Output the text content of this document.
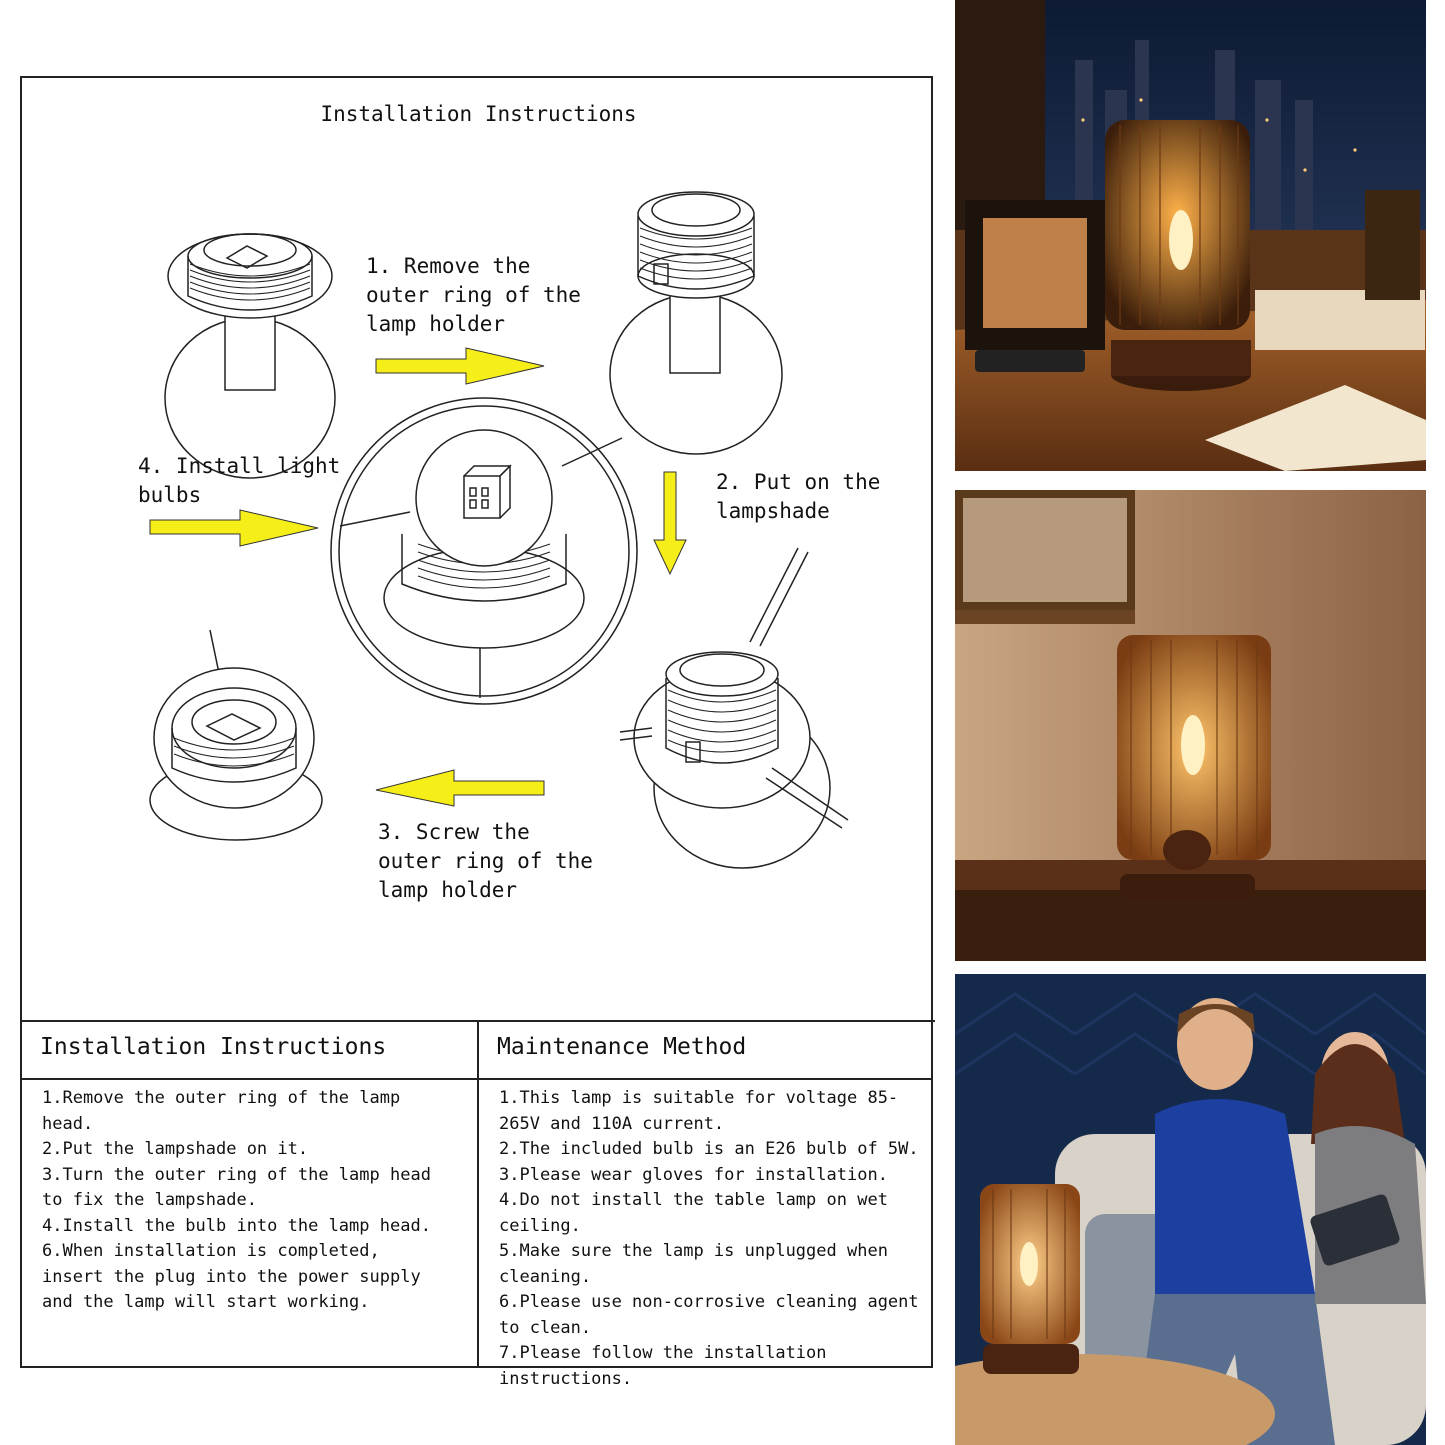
Installation Instructions
1. Remove the
outer ring of the
lamp holder
2. Put on the
lampshade
3. Screw the
outer ring of the
lamp holder
4. Install light
bulbs
Installation Instructions
1.Remove the outer ring of the lamp head.
2.Put the lampshade on it.
3.Turn the outer ring of the lamp head to fix the lampshade.
4.Install the bulb into the lamp head.
6.When installation is completed, insert the plug into the power supply and the lamp will start working.
Maintenance Method
1.This lamp is suitable for voltage 85-265V and 110A current.
2.The included bulb is an E26 bulb of 5W.
3.Please wear gloves for installation.
4.Do not install the table lamp on wet ceiling.
5.Make sure the lamp is unplugged when cleaning.
6.Please use non-corrosive cleaning agent to clean.
7.Please follow the installation instructions.
